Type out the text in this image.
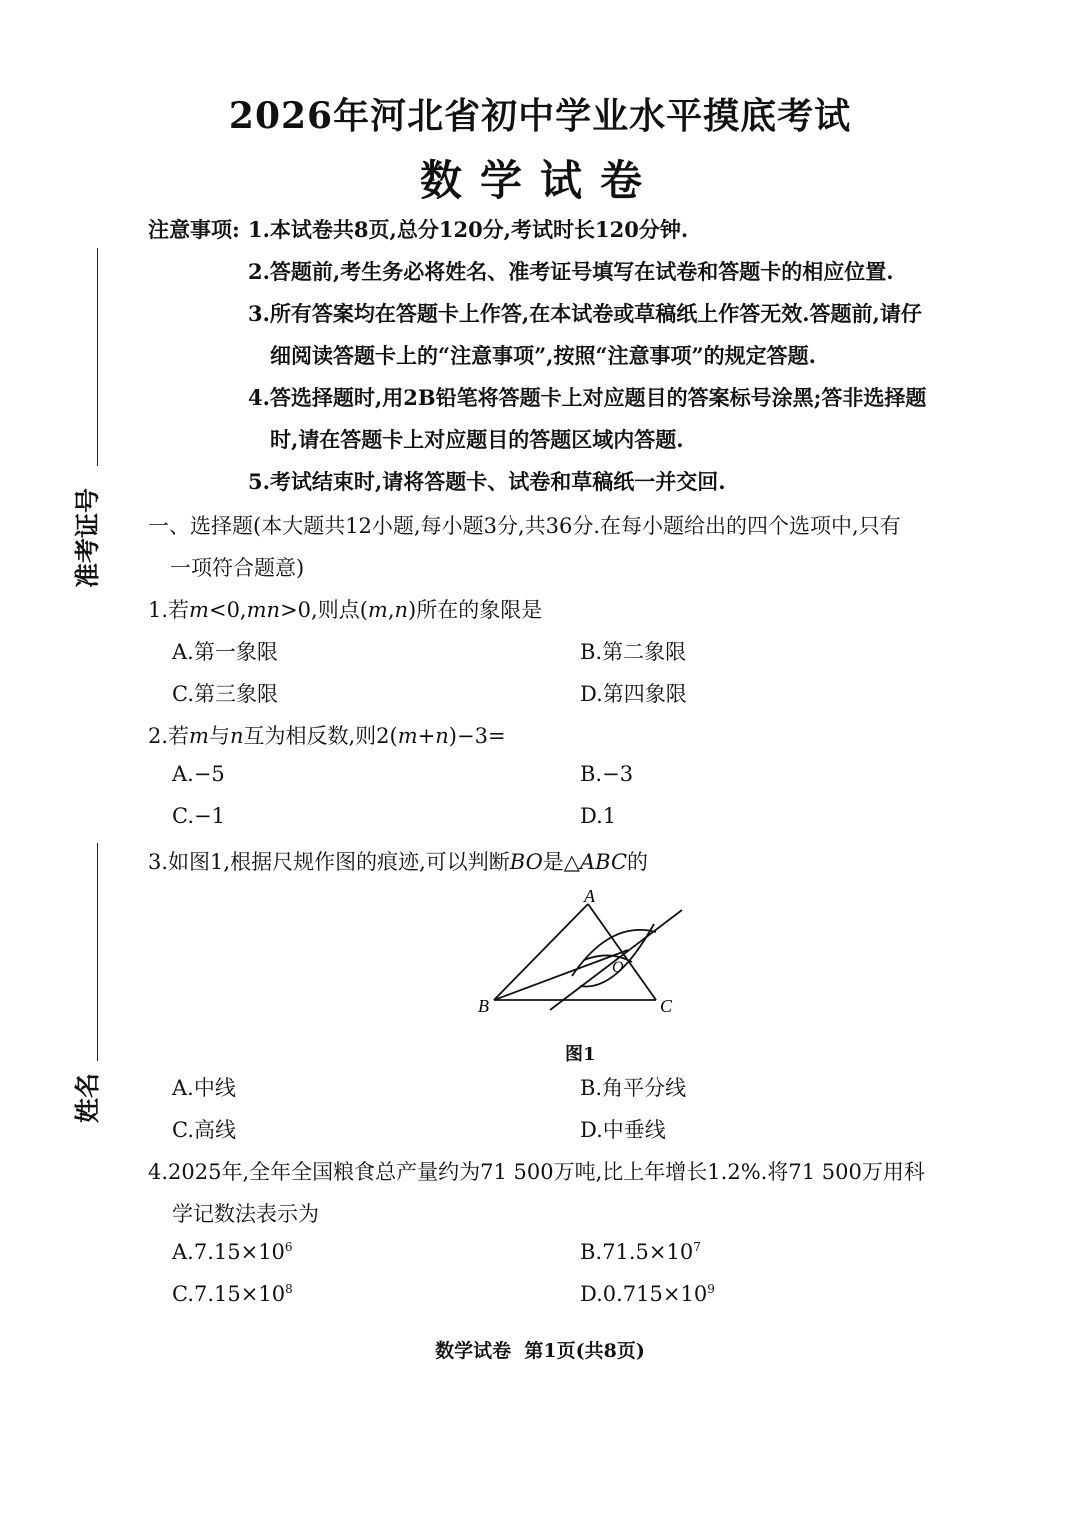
2026年河北省初中学业水平摸底考试
数学试卷
准考证号
姓名
注意事项: 1.本试卷共8页,总分120分,考试时长120分钟.
2.答题前,考生务必将姓名、准考证号填写在试卷和答题卡的相应位置.
3.所有答案均在答题卡上作答,在本试卷或草稿纸上作答无效.答题前,请仔
细阅读答题卡上的“注意事项”,按照“注意事项”的规定答题.
4.答选择题时,用2B铅笔将答题卡上对应题目的答案标号涂黑;答非选择题
时,请在答题卡上对应题目的答题区域内答题.
5.考试结束时,请将答题卡、试卷和草稿纸一并交回.
一、选择题(本大题共12小题,每小题3分,共36分.在每小题给出的四个选项中,只有
一项符合题意)
1.若m<0,mn>0,则点(m,n)所在的象限是
A.第一象限	B.第二象限
C.第三象限	D.第四象限
2.若m与n互为相反数,则2(m+n)−3=
A.−5	B.−3
C.−1	D.1
3.如图1,根据尺规作图的痕迹,可以判断BO是△ABC的
A
B	C
O
图1
A.中线	B.角平分线
C.高线	D.中垂线
4.2025年,全年全国粮食总产量约为71 500万吨,比上年增长1.2%.将71 500万用科
学记数法表示为
$A.7.15\times 10^6$	$B.71.5\times 10^7$
$C.7.15\times 10^8$	$D.0.715\times 10^9$
数学试卷  第1页(共8页)
